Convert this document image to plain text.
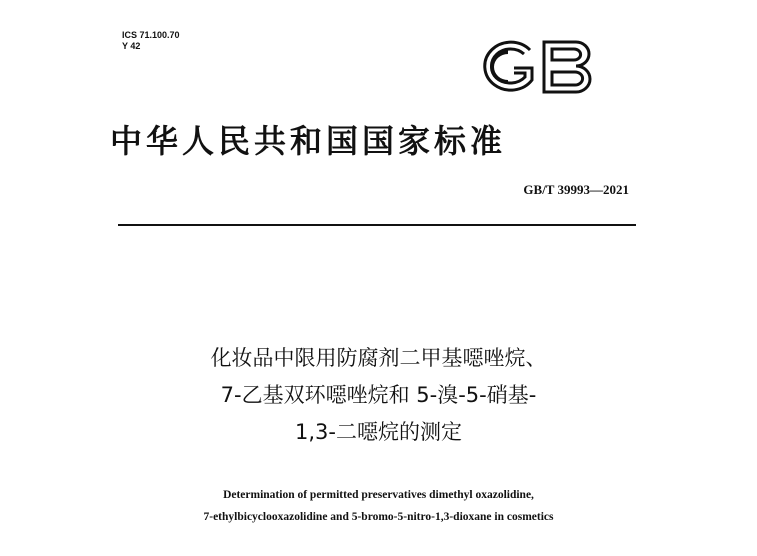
ICS 71.100.70
Y 42
中华人民共和国国家标准
GB/T 39993—2021
化妆品中限用防腐剂二甲基噁唑烷、
7-乙基双环噁唑烷和 5-溴-5-硝基-
1,3-二噁烷的测定
Determination of permitted preservatives dimethyl oxazolidine,
7-ethylbicyclooxazolidine and 5-bromo-5-nitro-1,3-dioxane in cosmetics
